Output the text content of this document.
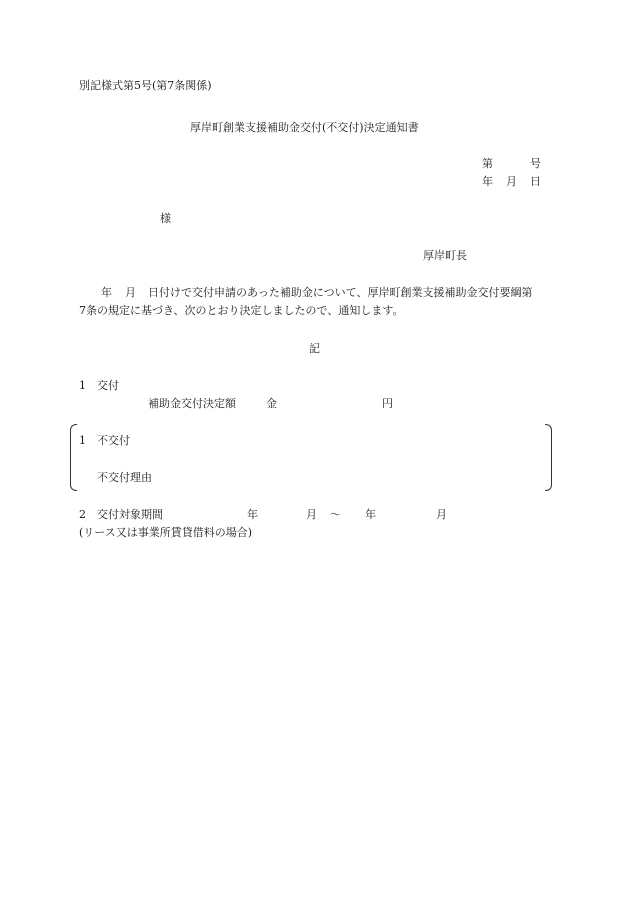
別記様式第5号(第7条関係)
厚岸町創業支援補助金交付(不交付)決定通知書
第	号
年 月 日
様
厚岸町長
年 月 日付けで交付申請のあった補助金について、厚岸町創業支援補助金交付要綱第
7条の規定に基づき、次のとおり決定しましたので、通知します。
記
1　交付
補助金交付決定額	金	円
1　不交付
不交付理由
2　交付対象期間	年	月 〜 年	月
(リース又は事業所賃貸借料の場合)
